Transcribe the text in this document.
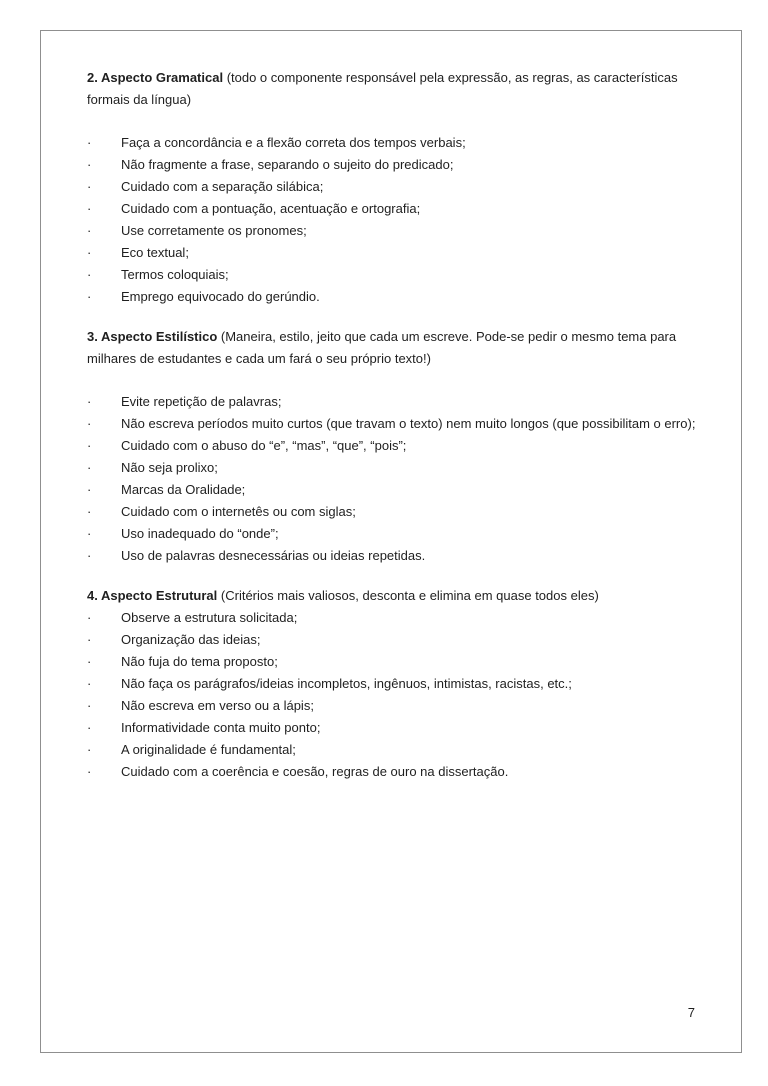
2. Aspecto Gramatical (todo o componente responsável pela expressão, as regras, as características formais da língua)

·	Faça a concordância e a flexão correta dos tempos verbais;
·	Não fragmente a frase, separando o sujeito do predicado;
·	Cuidado com a separação silábica;
·	Cuidado com a pontuação, acentuação e ortografia;
·	Use corretamente os pronomes;
·	Eco textual;
·	Termos coloquiais;
·	Emprego equivocado do gerúndio.

3. Aspecto Estilístico (Maneira, estilo, jeito que cada um escreve. Pode-se pedir o mesmo tema para milhares de estudantes e cada um fará o seu próprio texto!)

·	Evite repetição de palavras;
·	Não escreva períodos muito curtos (que travam o texto) nem muito longos (que possibilitam o erro);
·	Cuidado com o abuso do “e”, “mas”, “que”, “pois”;
·	Não seja prolixo;
·	Marcas da Oralidade;
·	Cuidado com o internetês ou com siglas;
·	Uso inadequado do “onde”;
·	Uso de palavras desnecessárias ou ideias repetidas.

4. Aspecto Estrutural (Critérios mais valiosos, desconta e elimina em quase todos eles)

·	Observe a estrutura solicitada;
·	Organização das ideias;
·	Não fuja do tema proposto;
·	Não faça os parágrafos/ideias incompletos, ingênuos, intimistas, racistas, etc.;
·	Não escreva em verso ou a lápis;
·	Informatividade conta muito ponto;
·	A originalidade é fundamental;
·	Cuidado com a coerência e coesão, regras de ouro na dissertação.
7
